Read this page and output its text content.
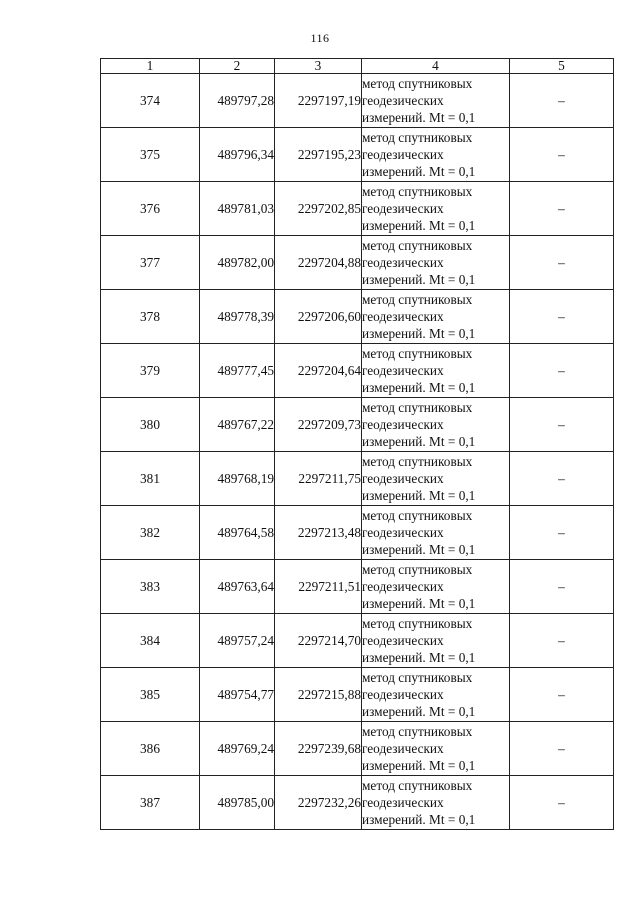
116
1	2	3	4	5
374	489797,28	2297197,19	метод спутниковых
геодезических
измерений. Mt = 0,1	–
375	489796,34	2297195,23	метод спутниковых
геодезических
измерений. Mt = 0,1	–
376	489781,03	2297202,85	метод спутниковых
геодезических
измерений. Mt = 0,1	–
377	489782,00	2297204,88	метод спутниковых
геодезических
измерений. Mt = 0,1	–
378	489778,39	2297206,60	метод спутниковых
геодезических
измерений. Mt = 0,1	–
379	489777,45	2297204,64	метод спутниковых
геодезических
измерений. Mt = 0,1	–
380	489767,22	2297209,73	метод спутниковых
геодезических
измерений. Mt = 0,1	–
381	489768,19	2297211,75	метод спутниковых
геодезических
измерений. Mt = 0,1	–
382	489764,58	2297213,48	метод спутниковых
геодезических
измерений. Mt = 0,1	–
383	489763,64	2297211,51	метод спутниковых
геодезических
измерений. Mt = 0,1	–
384	489757,24	2297214,70	метод спутниковых
геодезических
измерений. Mt = 0,1	–
385	489754,77	2297215,88	метод спутниковых
геодезических
измерений. Mt = 0,1	–
386	489769,24	2297239,68	метод спутниковых
геодезических
измерений. Mt = 0,1	–
387	489785,00	2297232,26	метод спутниковых
геодезических
измерений. Mt = 0,1	–
